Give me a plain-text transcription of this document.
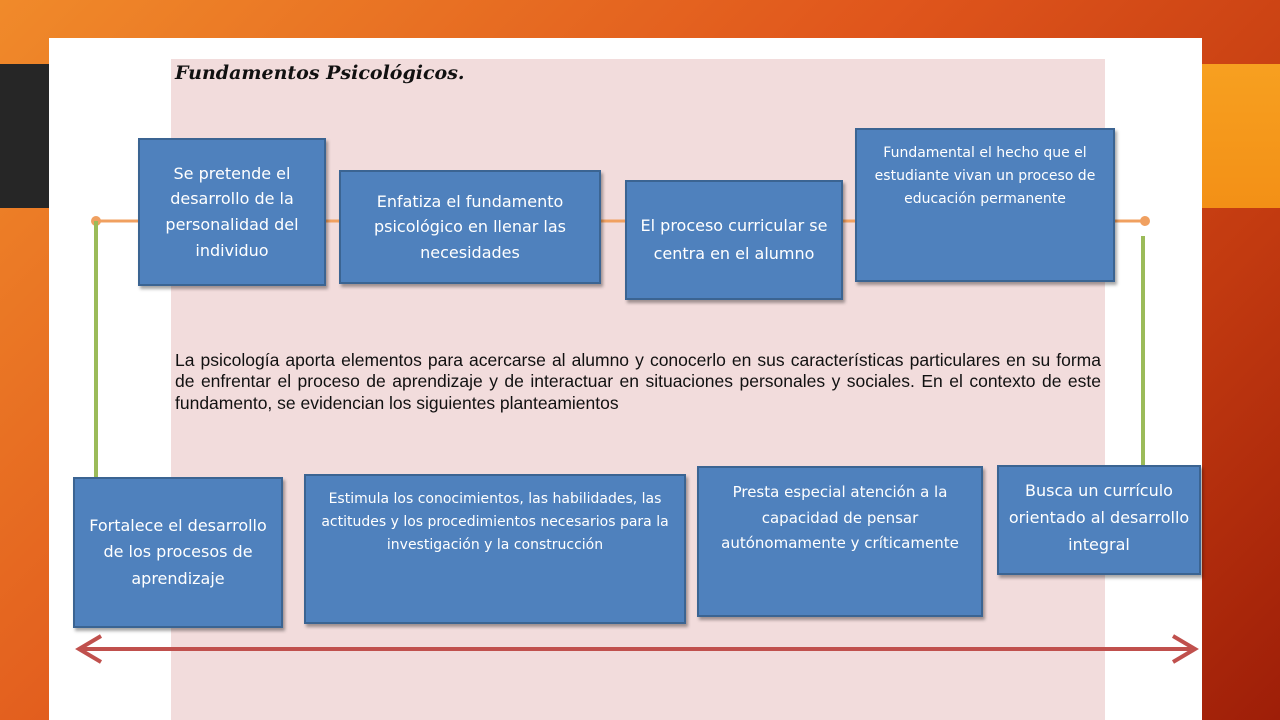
Fundamentos Psicológicos.
Se pretende el desarrollo de la personalidad del individuo
Enfatiza el fundamento psicológico en llenar las necesidades
El proceso curricular se centra en el alumno
Fundamental el hecho que el estudiante vivan un proceso de educación permanente

La psicología aporta elementos para acercarse al alumno y conocerlo en sus características particulares en su forma de enfrentar el proceso de aprendizaje y de interactuar en situaciones personales y sociales. En el contexto de este fundamento, se evidencian los siguientes planteamientos

Fortalece el desarrollo de los procesos de aprendizaje
Estimula los conocimientos, las habilidades, las actitudes y los procedimientos necesarios para la investigación y la construcción
Presta especial atención a la capacidad de pensar autónomamente y críticamente
Busca un currículo orientado al desarrollo integral
